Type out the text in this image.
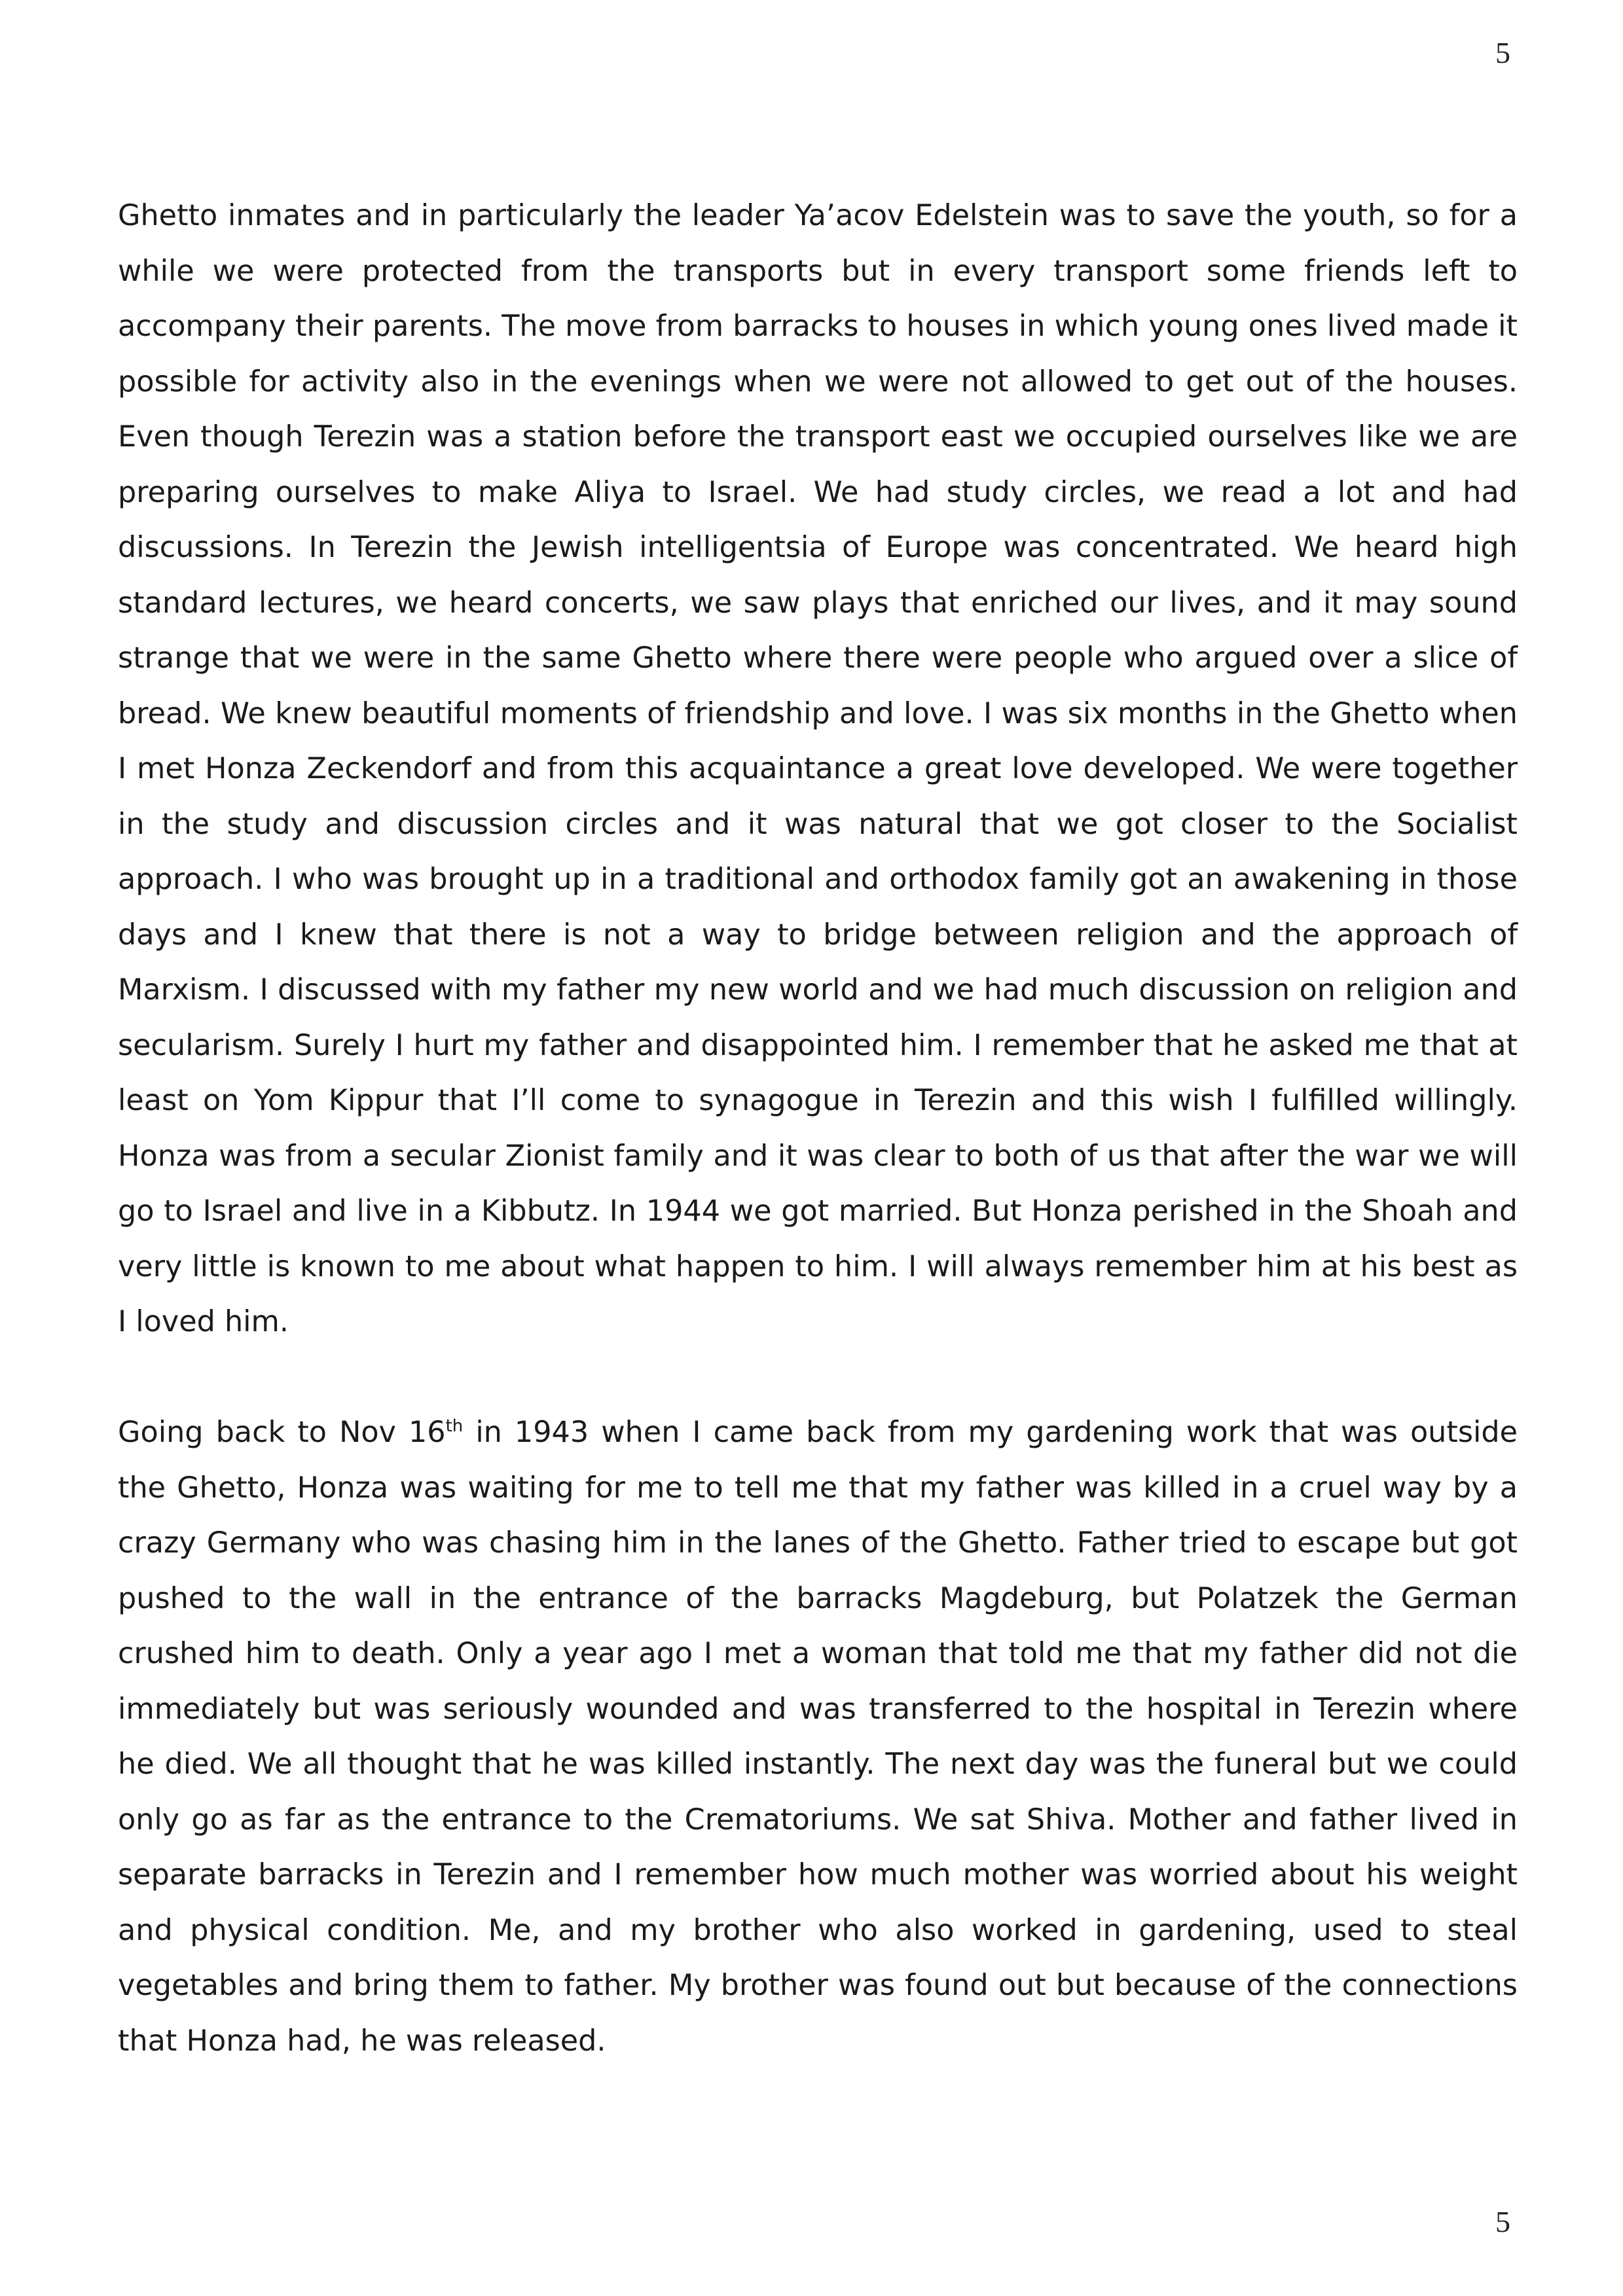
5

Ghetto inmates and in particularly the leader Ya’acov Edelstein was to save the youth, so for a while we were protected from the transports but in every transport some friends left to accompany their parents. The move from barracks to houses in which young ones lived made it possible for activity also in the evenings when we were not allowed to get out of the houses. Even though Terezin was a station before the transport east we occupied ourselves like we are preparing ourselves to make Aliya to Israel. We had study circles, we read a lot and had discussions. In Terezin the Jewish intelligentsia of Europe was concentrated. We heard high standard lectures, we heard concerts, we saw plays that enriched our lives, and it may sound strange that we were in the same Ghetto where there were people who argued over a slice of bread. We knew beautiful moments of friendship and love. I was six months in the Ghetto when I met Honza Zeckendorf and from this acquaintance a great love developed. We were together in the study and discussion circles and it was natural that we got closer to the Socialist approach. I who was brought up in a traditional and orthodox family got an awakening in those days and I knew that there is not a way to bridge between religion and the approach of Marxism. I discussed with my father my new world and we had much discussion on religion and secularism. Surely I hurt my father and disappointed him. I remember that he asked me that at least on Yom Kippur that I’ll come to synagogue in Terezin and this wish I fulfilled willingly. Honza was from a secular Zionist family and it was clear to both of us that after the war we will go to Israel and live in a Kibbutz. In 1944 we got married. But Honza perished in the Shoah and very little is known to me about what happen to him. I will always remember him at his best as I loved him.

Going back to Nov 16th in 1943 when I came back from my gardening work that was outside the Ghetto, Honza was waiting for me to tell me that my father was killed in a cruel way by a crazy Germany who was chasing him in the lanes of the Ghetto. Father tried to escape but got pushed to the wall in the entrance of the barracks Magdeburg, but Polatzek the German crushed him to death. Only a year ago I met a woman that told me that my father did not die immediately but was seriously wounded and was transferred to the hospital in Terezin where he died. We all thought that he was killed instantly. The next day was the funeral but we could only go as far as the entrance to the Crematoriums. We sat Shiva. Mother and father lived in separate barracks in Terezin and I remember how much mother was worried about his weight and physical condition. Me, and my brother who also worked in gardening, used to steal vegetables and bring them to father. My brother was found out but because of the connections that Honza had, he was released.

5
